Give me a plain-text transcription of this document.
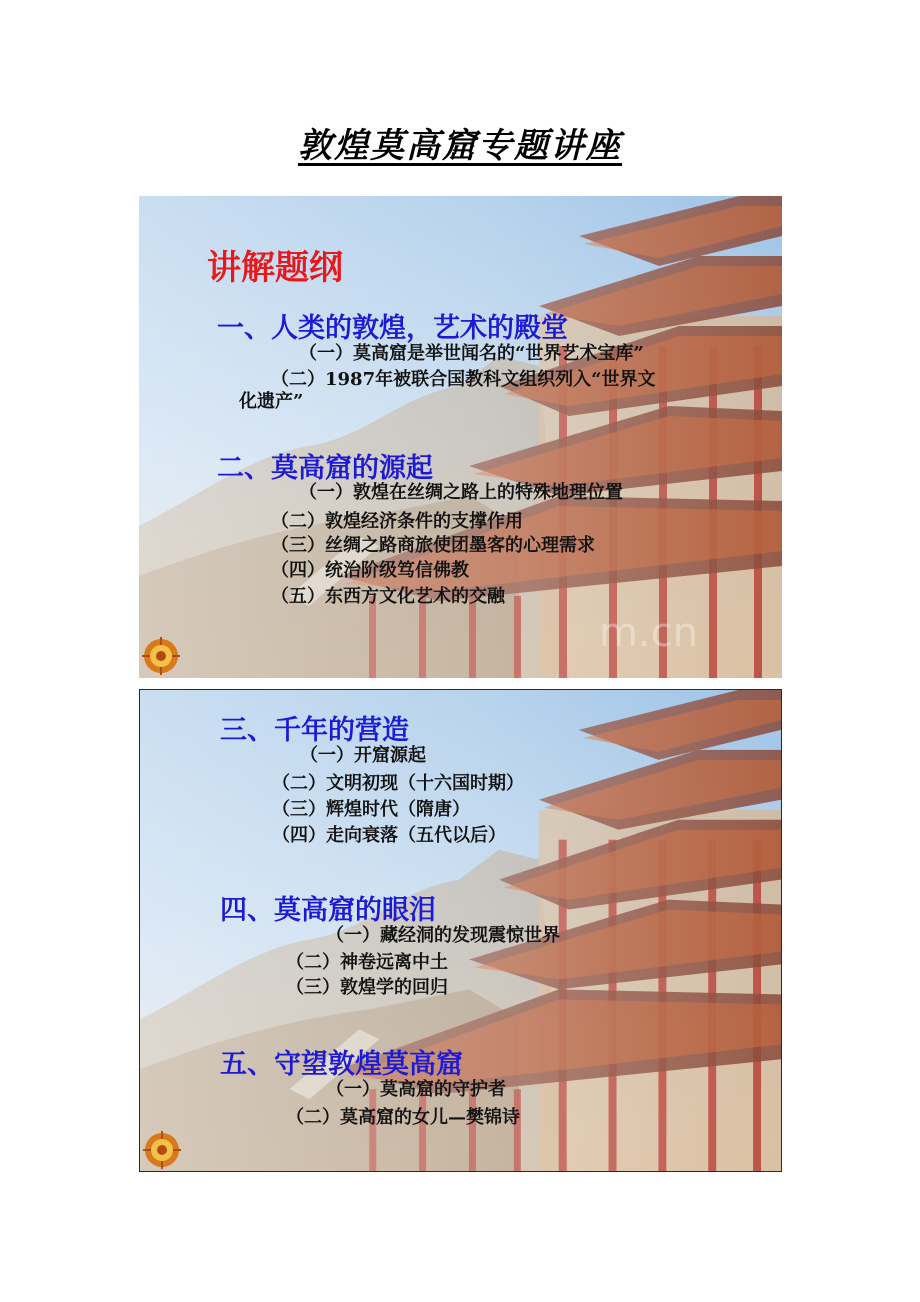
敦煌莫高窟专题讲座
讲解题纲
一、人类的敦煌，艺术的殿堂
（一）莫高窟是举世闻名的“世界艺术宝库”
（二）1987年被联合国教科文组织列入“世界文
化遗产”
二、莫高窟的源起
（一）敦煌在丝绸之路上的特殊地理位置
（二）敦煌经济条件的支撑作用
（三）丝绸之路商旅使团墨客的心理需求
（四）统治阶级笃信佛教
（五）东西方文化艺术的交融
m.cn
三、千年的营造
（一）开窟源起
（二）文明初现（十六国时期）
（三）辉煌时代（隋唐）
（四）走向衰落（五代以后）
四、莫高窟的眼泪
（一）藏经洞的发现震惊世界
（二）神卷远离中土
（三）敦煌学的回归
五、守望敦煌莫高窟
（一）莫高窟的守护者
（二）莫高窟的女儿—樊锦诗
